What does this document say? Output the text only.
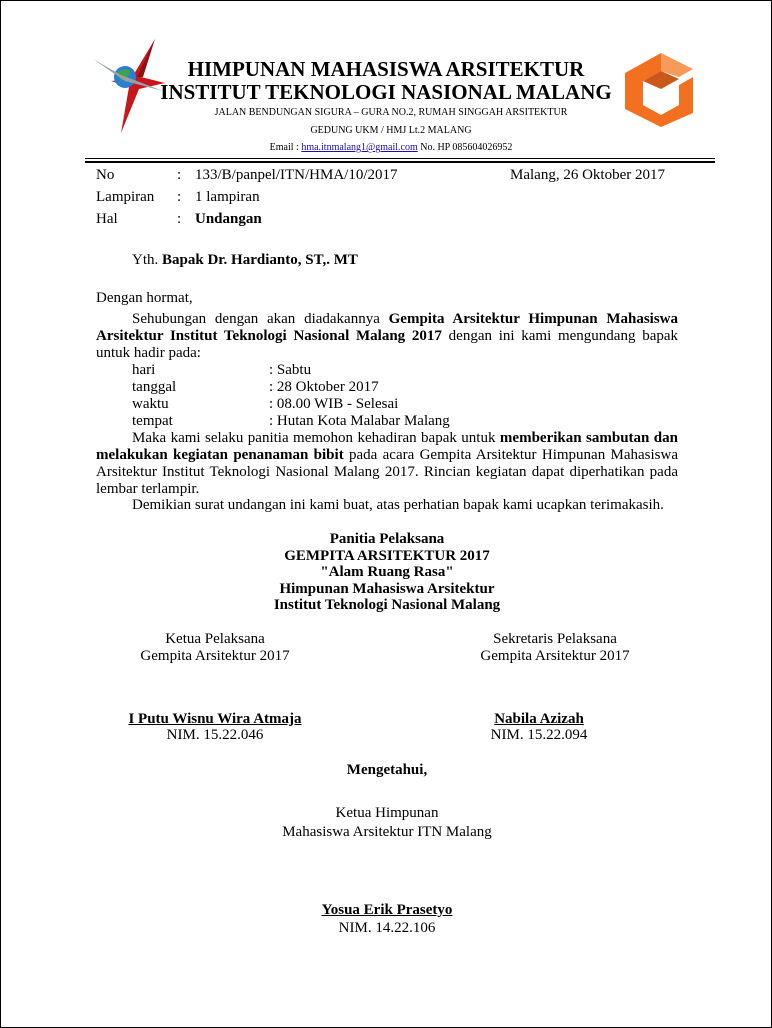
HIMPUNAN MAHASISWA ARSITEKTUR
INSTITUT TEKNOLOGI NASIONAL MALANG
JALAN BENDUNGAN SIGURA – GURA NO.2, RUMAH SINGGAH ARSITEKTUR
GEDUNG UKM / HMJ Lt.2 MALANG
Email : hma.itnmalang1@gmail.com No. HP 085604026952
No	: 133/B/panpel/ITN/HMA/10/2017	Malang, 26 Oktober 2017
Lampiran : 1 lampiran
Hal	: Undangan
Yth. Bapak Dr. Hardianto, ST,. MT
Dengan hormat,
Sehubungan dengan akan diadakannya Gempita Arsitektur Himpunan Mahasiswa Arsitektur Institut Teknologi Nasional Malang 2017 dengan ini kami mengundang bapak untuk hadir pada:
hari	: Sabtu
tanggal	: 28 Oktober 2017
waktu	: 08.00 WIB - Selesai
tempat	: Hutan Kota Malabar Malang
Maka kami selaku panitia memohon kehadiran bapak untuk memberikan sambutan dan melakukan kegiatan penanaman bibit pada acara Gempita Arsitektur Himpunan Mahasiswa Arsitektur Institut Teknologi Nasional Malang 2017. Rincian kegiatan dapat diperhatikan pada lembar terlampir.
Demikian surat undangan ini kami buat, atas perhatian bapak kami ucapkan terimakasih.
Panitia Pelaksana
GEMPITA ARSITEKTUR 2017
"Alam Ruang Rasa"
Himpunan Mahasiswa Arsitektur
Institut Teknologi Nasional Malang
Ketua Pelaksana
Gempita Arsitektur 2017
Sekretaris Pelaksana
Gempita Arsitektur 2017
I Putu Wisnu Wira Atmaja
NIM. 15.22.046
Nabila Azizah
NIM. 15.22.094
Mengetahui,
Ketua Himpunan
Mahasiswa Arsitektur ITN Malang
Yosua Erik Prasetyo
NIM. 14.22.106
